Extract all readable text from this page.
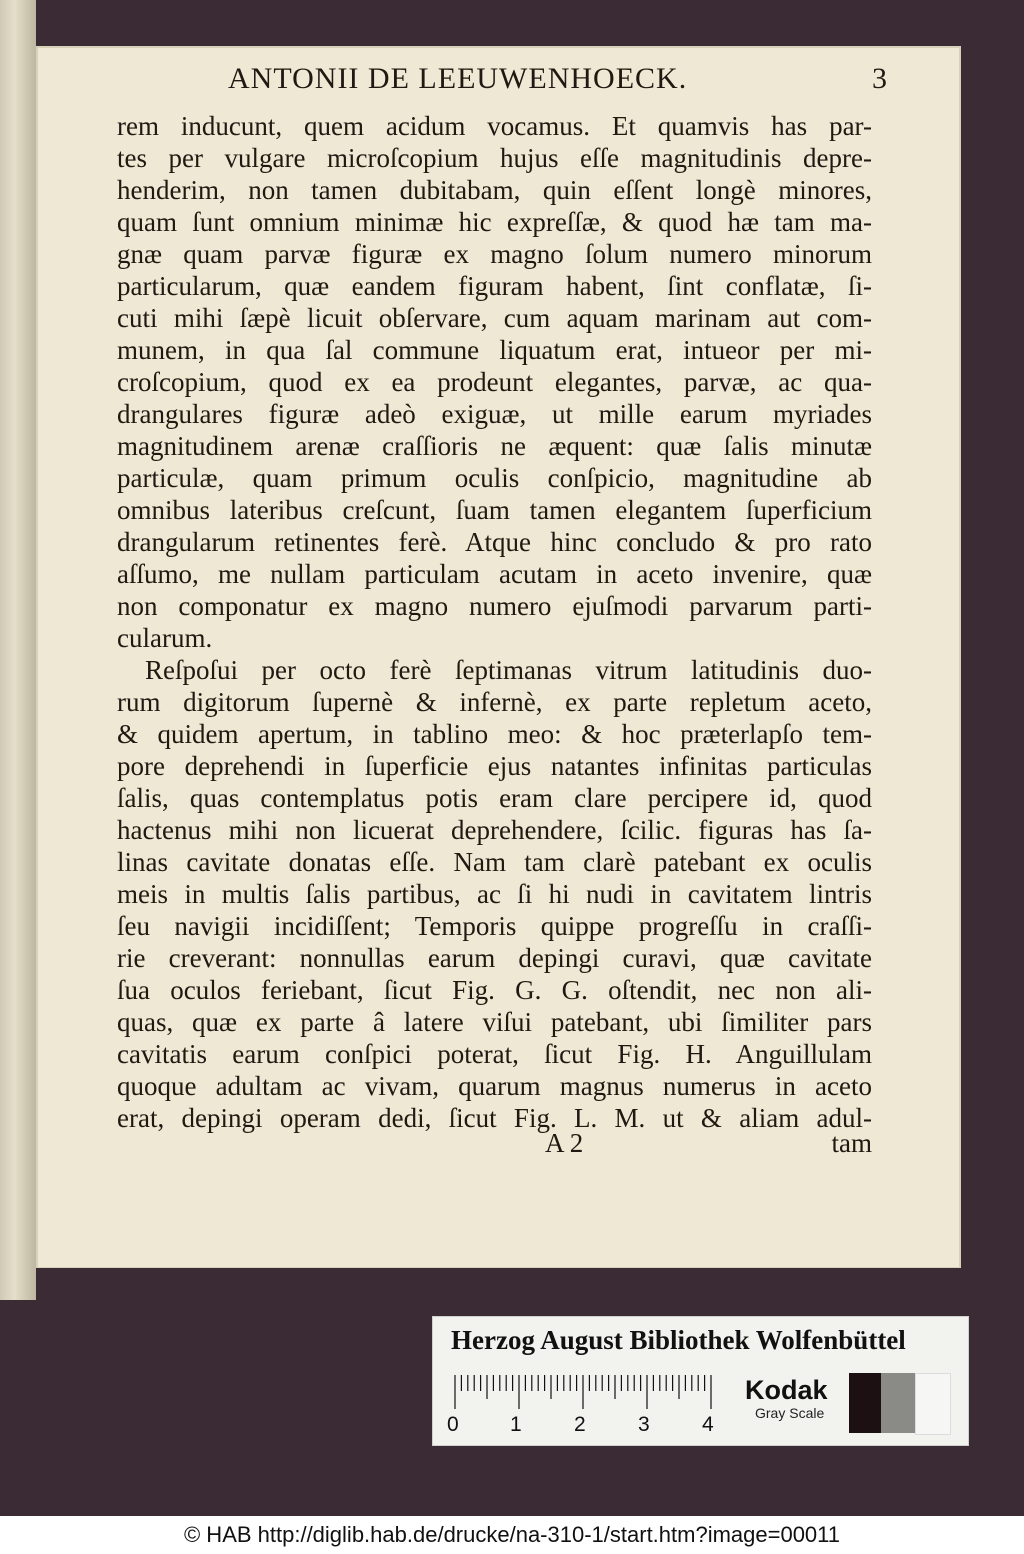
ANTONII DE LEEUWENHOECK.	3
rem inducunt, quem acidum vocamus. Et quamvis has par-
tes per vulgare microſcopium hujus eſſe magnitudinis depre-
henderim, non tamen dubitabam, quin eſſent longè minores,
quam ſunt omnium minimæ hic expreſſæ, & quod hæ tam ma-
gnæ quam parvæ figuræ ex magno ſolum numero minorum
particularum, quæ eandem figuram habent, ſint conflatæ, ſi-
cuti mihi ſæpè licuit obſervare, cum aquam marinam aut com-
munem, in qua ſal commune liquatum erat, intueor per mi-
croſcopium, quod ex ea prodeunt elegantes, parvæ, ac qua-
drangulares figuræ adeò exiguæ, ut mille earum myriades
magnitudinem arenæ craſſioris ne æquent: quæ ſalis minutæ
particulæ, quam primum oculis conſpicio, magnitudine ab
omnibus lateribus creſcunt, ſuam tamen elegantem ſuperficium
drangularum retinentes ferè. Atque hinc concludo & pro rato
aſſumo, me nullam particulam acutam in aceto invenire, quæ
non componatur ex magno numero ejuſmodi parvarum parti-
cularum.
Reſpoſui per octo ferè ſeptimanas vitrum latitudinis duo-
rum digitorum ſupernè & infernè, ex parte repletum aceto,
& quidem apertum, in tablino meo: & hoc præterlapſo tem-
pore deprehendi in ſuperficie ejus natantes infinitas particulas
ſalis, quas contemplatus potis eram clare percipere id, quod
hactenus mihi non licuerat deprehendere, ſcilic. figuras has ſa-
linas cavitate donatas eſſe. Nam tam clarè patebant ex oculis
meis in multis ſalis partibus, ac ſi hi nudi in cavitatem lintris
ſeu navigii incidiſſent; Temporis quippe progreſſu in craſſi-
rie creverant: nonnullas earum depingi curavi, quæ cavitate
ſua oculos feriebant, ſicut Fig. G. G. oſtendit, nec non ali-
quas, quæ ex parte â latere viſui patebant, ubi ſimiliter pars
cavitatis earum conſpici poterat, ſicut Fig. H. Anguillulam
quoque adultam ac vivam, quarum magnus numerus in aceto
erat, depingi operam dedi, ſicut Fig. L. M. ut & aliam adul-
A 2	tam
Herzog August Bibliothek Wolfenbüttel
0 1 2 3 4
Kodak
Gray Scale
© HAB http://diglib.hab.de/drucke/na-310-1/start.htm?image=00011
